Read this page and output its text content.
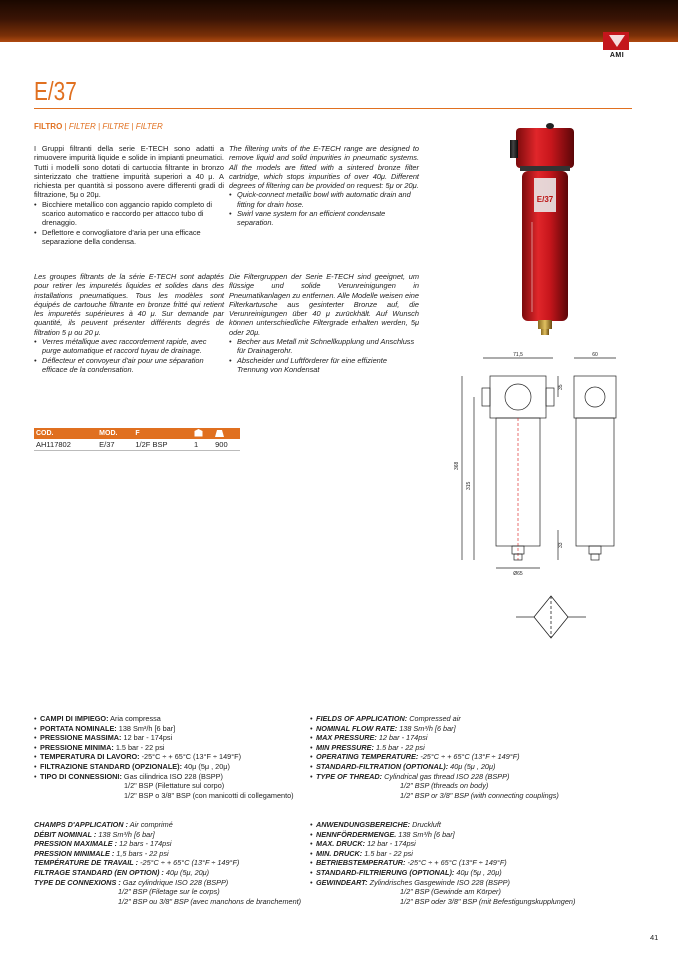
AMI
E/37
FILTRO | FILTER | FILTRE | FILTER

I Gruppi filtranti della serie E-TECH sono adatti a rimuovere impurità liquide e solide in impianti pneumatici. Tutti i modelli sono dotati di cartuccia filtrante in bronzo sinterizzato che trattiene impurità superiori a 40 μ. A richiesta per quantità si possono avere differenti gradi di filtrazione, 5μ o 20μ.

• Bicchiere metallico con aggancio rapido completo di scarico automatico e raccordo per attacco tubo di drenaggio.
• Deflettore e convogliatore d'aria per una efficace separazione della condensa.

The filtering units of the E-TECH range are designed to remove liquid and solid impurities in pneumatic systems. All the models are fitted with a sintered bronze filter cartridge, which stops impurities of over 40μ. Different degrees of filtering can be provided on request: 5μ or 20μ.

• Quick-connect metallic bowl with automatic drain and fitting for drain hose.
• Swirl vane system for an efficient condensate separation.

Les groupes filtrants de la série E-TECH sont adaptés pour retirer les impuretés liquides et solides dans des installations pneumatiques. Tous les modèles sont équipés de cartouche filtrante en bronze fritté qui retient les impuretés supérieures à 40 μ. Sur demande par quantité, ils peuvent présenter différents degrés de filtration 5 μ ou 20 μ.

• Verres métallique avec raccordement rapide, avec purge automatique et raccord tuyau de drainage.
• Déflecteur et convoyeur d'air pour une séparation efficace de la condensation.

Die Filtergruppen der Serie E-TECH sind geeignet, um flüssige und solide Verunreinigungen in Pneumatikanlagen zu entfernen. Alle Modelle weisen eine Filterkartusche aus gesinterter Bronze auf, die Verunreinigungen über 40 μ zurückhält. Auf Wunsch können unterschiedliche Filtergrade erhalten werden, 5μ oder 20μ.

• Becher aus Metall mit Schnellkupplung und Anschluss für Drainagerohr.
• Abscheider und Luftförderer für eine effiziente Trennung von Kondensat
E/37
71,5
Ø65
368
315
35
33
60
COD.	MOD.	F		
AH117802	E/37	1/2F BSP	1	900
• CAMPI DI IMPIEGO: Aria compressa
• PORTATA NOMINALE: 138 Sm³/h [6 bar]
• PRESSIONE MASSIMA: 12 bar - 174psi
• PRESSIONE MINIMA: 1.5 bar - 22 psi
• TEMPERATURA DI LAVORO: -25°C ÷ + 65°C (13°F ÷ 149°F)
• FILTRAZIONE STANDARD (OPZIONALE): 40μ (5μ , 20μ)
• TIPO DI CONNESSIONI: Gas cilindrica ISO 228 (BSPP)
1/2" BSP (Filettature sul corpo)
1/2" BSP o 3/8" BSP (con manicotti di collegamento)
• FIELDS OF APPLICATION: Compressed air
• NOMINAL FLOW RATE: 138 Sm³/h [6 bar]
• MAX PRESSURE: 12 bar - 174psi
• MIN PRESSURE: 1.5 bar - 22 psi
• OPERATING TEMPERATURE: -25°C ÷ + 65°C (13°F ÷ 149°F)
• STANDARD-FILTRATION (OPTIONAL): 40μ (5μ , 20μ)
• TYPE OF THREAD: Cylindrical gas thread ISO 228 (BSPP)
1/2" BSP (threads on body)
1/2" BSP or 3/8" BSP (with connecting couplings)
CHAMPS D'APPLICATION : Air comprimé
DÉBIT NOMINAL : 138 Sm³/h [6 bar]
PRESSION MAXIMALE : 12 bars - 174psi
PRESSION MINIMALE : 1,5 bars - 22 psi
TEMPÉRATURE DE TRAVAIL : -25°C ÷ + 65°C (13°F ÷ 149°F)
FILTRAGE STANDARD (EN OPTION) : 40μ (5μ, 20μ)
TYPE DE CONNEXIONS : Gaz cylindrique ISO 228 (BSPP)
1/2" BSP (Filetage sur le corps)
1/2" BSP ou 3/8" BSP (avec manchons de branchement)
• ANWENDUNGSBEREICHE: Druckluft
• NENNFÖRDERMENGE. 138 Sm³/h [6 bar]
• MAX. DRUCK: 12 bar - 174psi
• MIN. DRUCK: 1.5 bar - 22 psi
• BETRIEBSTEMPERATUR: -25°C ÷ + 65°C (13°F ÷ 149°F)
• STANDARD-FILTRIERUNG (OPTIONAL): 40μ (5μ , 20μ)
• GEWINDEART: Zylindrisches Gasgewinde ISO 228 (BSPP)
1/2" BSP (Gewinde am Körper)
1/2" BSP oder 3/8" BSP (mit Befestigungskupplungen)
41
